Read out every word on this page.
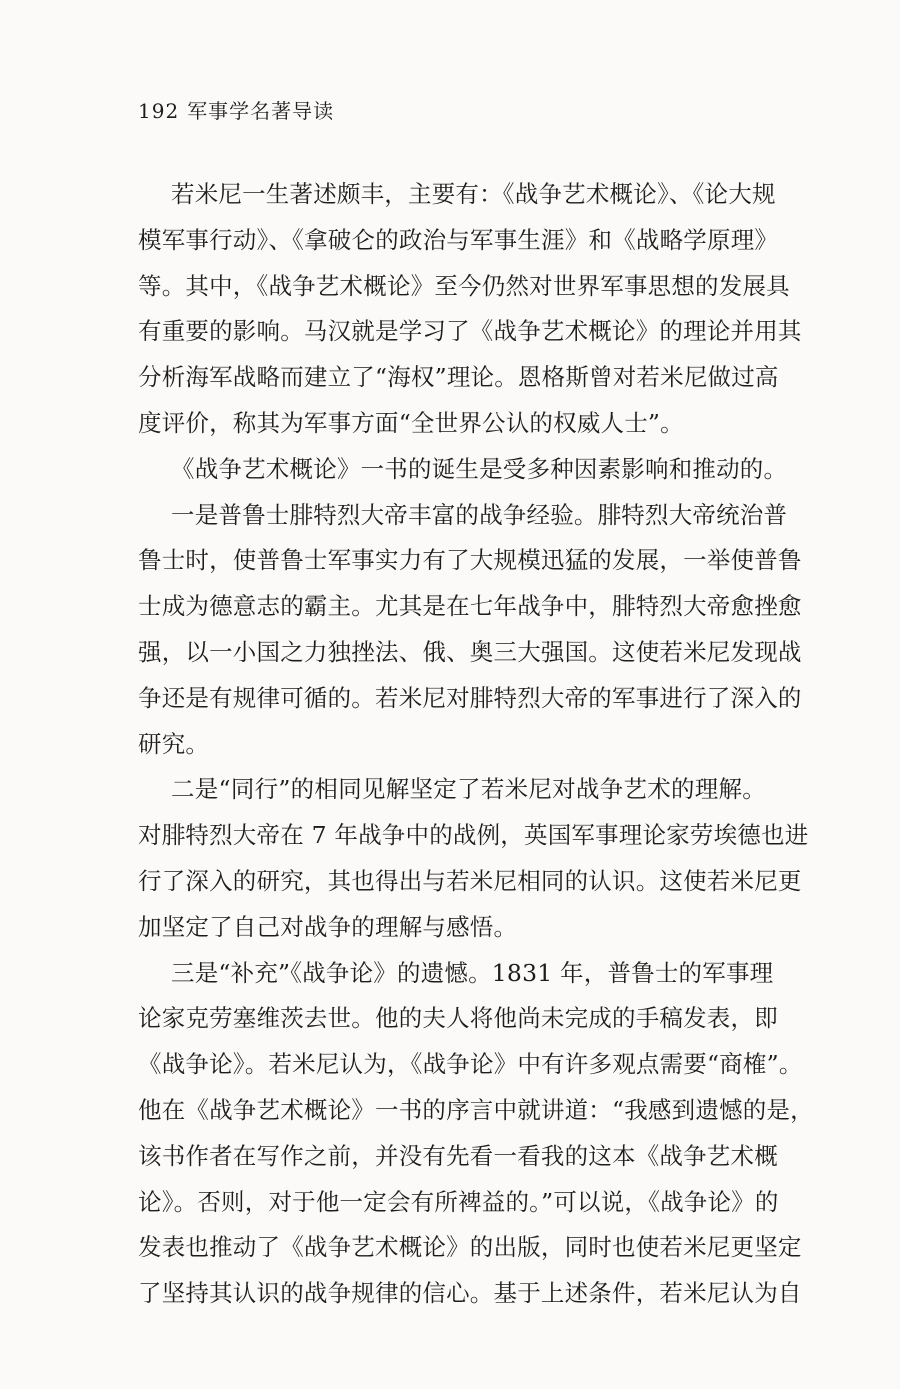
192 军事学名著导读
若米尼一生著述颇丰，主要有：《战争艺术概论》、《论大规
模军事行动》、《拿破仑的政治与军事生涯》和《战略学原理》
等。其中，《战争艺术概论》至今仍然对世界军事思想的发展具
有重要的影响。马汉就是学习了《战争艺术概论》的理论并用其
分析海军战略而建立了“海权”理论。恩格斯曾对若米尼做过高
度评价，称其为军事方面“全世界公认的权威人士”。
《战争艺术概论》一书的诞生是受多种因素影响和推动的。
一是普鲁士腓特烈大帝丰富的战争经验。腓特烈大帝统治普
鲁士时，使普鲁士军事实力有了大规模迅猛的发展，一举使普鲁
士成为德意志的霸主。尤其是在七年战争中，腓特烈大帝愈挫愈
强，以一小国之力独挫法、俄、奥三大强国。这使若米尼发现战
争还是有规律可循的。若米尼对腓特烈大帝的军事进行了深入的
研究。
二是“同行”的相同见解坚定了若米尼对战争艺术的理解。
对腓特烈大帝在 7 年战争中的战例，英国军事理论家劳埃德也进
行了深入的研究，其也得出与若米尼相同的认识。这使若米尼更
加坚定了自己对战争的理解与感悟。
三是“补充”《战争论》的遗憾。1831 年，普鲁士的军事理
论家克劳塞维茨去世。他的夫人将他尚未完成的手稿发表，即
《战争论》。若米尼认为，《战争论》中有许多观点需要“商榷”。
他在《战争艺术概论》一书的序言中就讲道：“我感到遗憾的是，
该书作者在写作之前，并没有先看一看我的这本《战争艺术概
论》。否则，对于他一定会有所裨益的。”可以说，《战争论》的
发表也推动了《战争艺术概论》的出版，同时也使若米尼更坚定
了坚持其认识的战争规律的信心。基于上述条件，若米尼认为自
